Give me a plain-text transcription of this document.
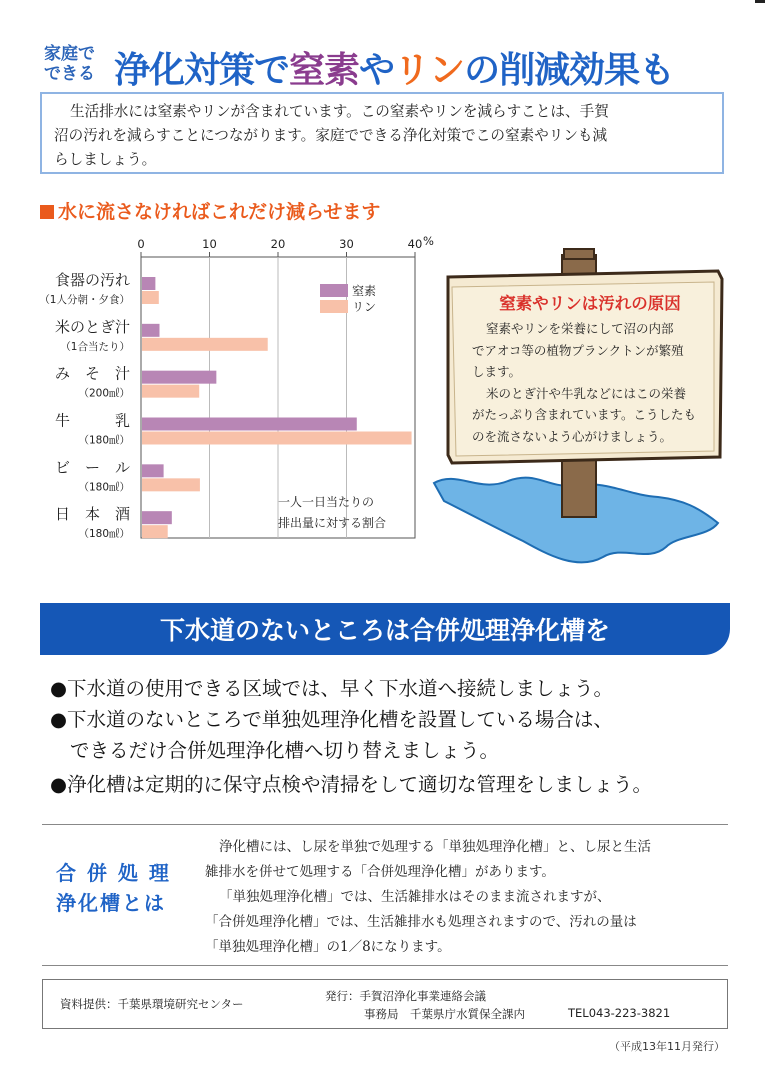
家庭で
できる 浄化対策で窒素やリンの削減効果も
生活排水には窒素やリンが含まれています。この窒素やリンを減らすことは、手賀
沼の汚れを減らすことにつながります。家庭でできる浄化対策でこの窒素やリンも減
らしましょう。
水に流さなければこれだけ減らせます
0	10	20	30	40 %
食器の汚れ
（1人分朝・夕食）
米のとぎ汁
（1合当たり）
み　そ　汁
（200㎖）
牛　　　乳
（180㎖）
ビ　ー　ル
（180㎖）
日　本　酒
（180㎖）
窒素
リン
一人一日当たりの
排出量に対する割合
窒素やリンは汚れの原因
窒素やリンを栄養にして沼の内部
でアオコ等の植物プランクトンが繁殖
します。
米のとぎ汁や牛乳などにはこの栄養
がたっぷり含まれています。こうしたも
のを流さないよう心がけましょう。
下水道のないところは合併処理浄化槽を
●下水道の使用できる区域では、早く下水道へ接続しましょう。
●下水道のないところで単独処理浄化槽を設置している場合は、
できるだけ合併処理浄化槽へ切り替えましょう。
●浄化槽は定期的に保守点検や清掃をして適切な管理をしましょう。
合 併 処 理
浄化槽とは
浄化槽には、し尿を単独で処理する「単独処理浄化槽」と、し尿と生活
雑排水を併せて処理する「合併処理浄化槽」があります。
「単独処理浄化槽」では、生活雑排水はそのまま流されますが、
「合併処理浄化槽」では、生活雑排水も処理されますので、汚れの量は
「単独処理浄化槽」の1／8になります。
資料提供：千葉県環境研究センター
発行：手賀沼浄化事業連絡会議
事務局　千葉県庁水質保全課内	TEL043-223-3821
（平成13年11月発行）
